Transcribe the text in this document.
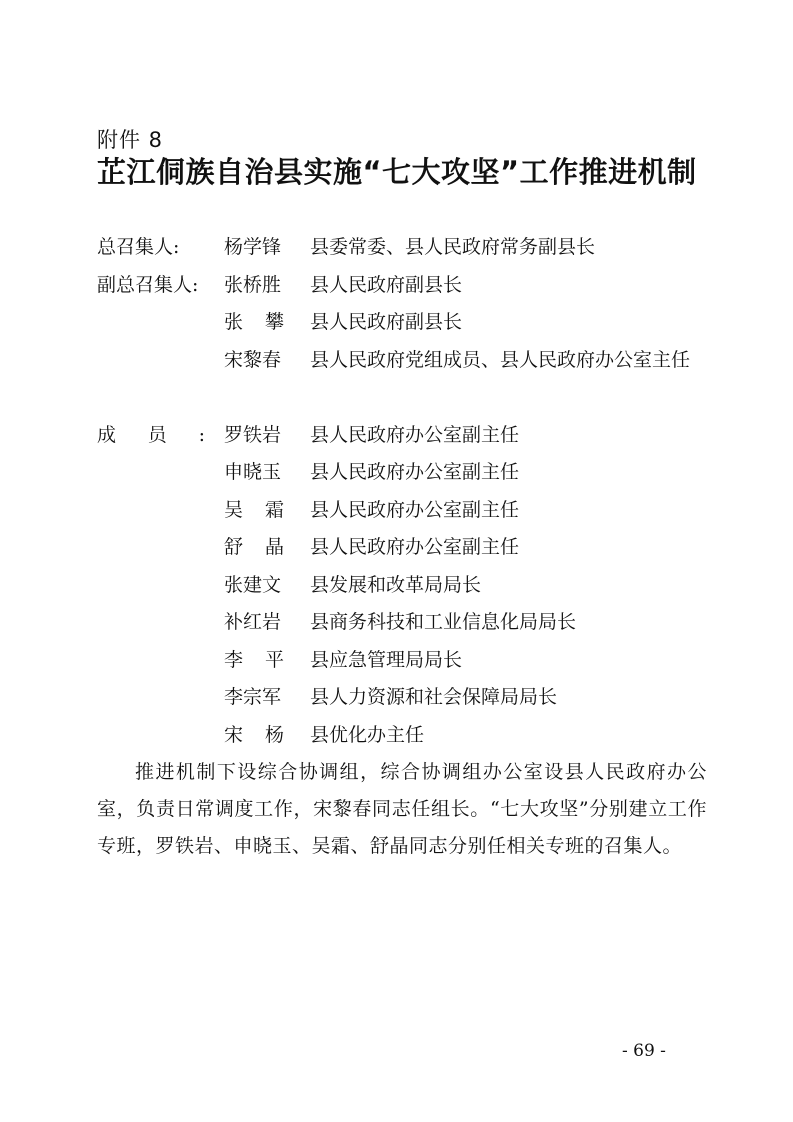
附件 8
芷江侗族自治县实施“七大攻坚”工作推进机制
总召集人:	杨学锋	县委常委、县人民政府常务副县长
副总召集人:	张桥胜	县人民政府副县长
张 攀 县人民政府副县长
宋黎春	县人民政府党组成员、县人民政府办公室主任
成 员 : 罗铁岩	县人民政府办公室副主任
申晓玉	县人民政府办公室副主任
吴 霜 县人民政府办公室副主任
舒 晶 县人民政府办公室副主任
张建文	县发展和改革局局长
补红岩	县商务科技和工业信息化局局长
李 平 县应急管理局局长
李宗军	县人力资源和社会保障局局长
宋 杨 县优化办主任
推进机制下设综合协调组，综合协调组办公室设县人民政府办公室，负责日常调度工作，宋黎春同志任组长。“七大攻坚”分别建立工作专班，罗铁岩、申晓玉、吴霜、舒晶同志分别任相关专班的召集人。
- 69 -
